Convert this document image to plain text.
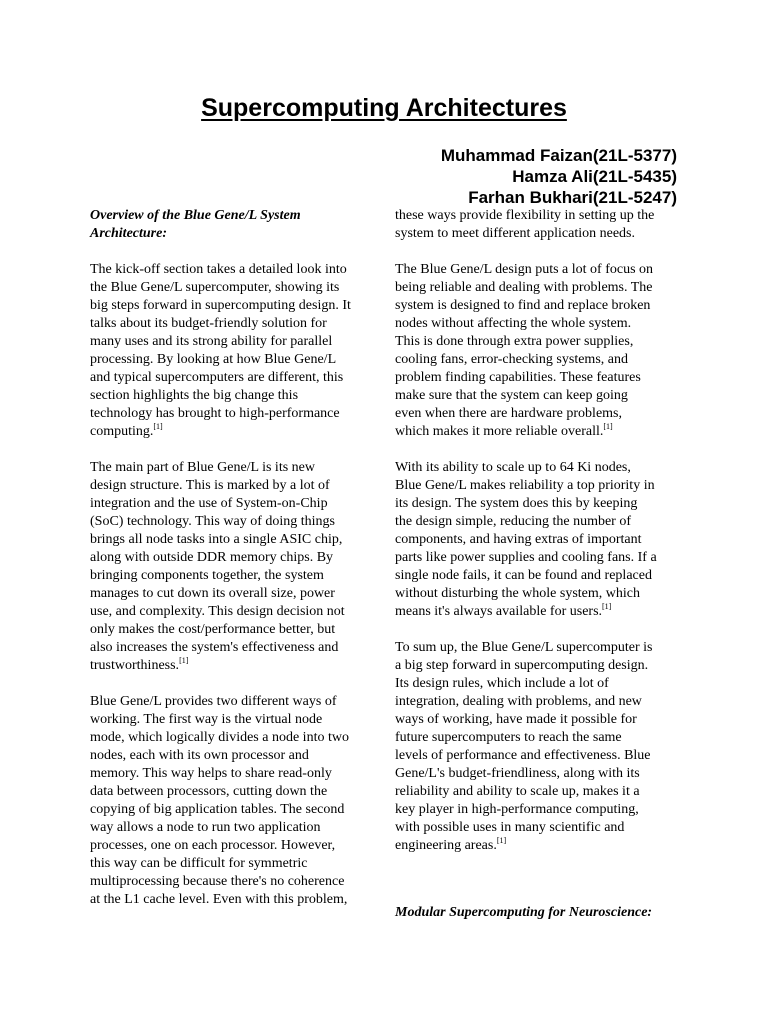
Supercomputing Architectures
Muhammad Faizan(21L-5377)
Hamza Ali(21L-5435)
Farhan Bukhari(21L-5247)
Overview of the Blue Gene/L System
Architecture:
The kick-off section takes a detailed look into
the Blue Gene/L supercomputer, showing its
big steps forward in supercomputing design. It
talks about its budget-friendly solution for
many uses and its strong ability for parallel
processing. By looking at how Blue Gene/L
and typical supercomputers are different, this
section highlights the big change this
technology has brought to high-performance
computing.[1]
The main part of Blue Gene/L is its new
design structure. This is marked by a lot of
integration and the use of System-on-Chip
(SoC) technology. This way of doing things
brings all node tasks into a single ASIC chip,
along with outside DDR memory chips. By
bringing components together, the system
manages to cut down its overall size, power
use, and complexity. This design decision not
only makes the cost/performance better, but
also increases the system's effectiveness and
trustworthiness.[1]
Blue Gene/L provides two different ways of
working. The first way is the virtual node
mode, which logically divides a node into two
nodes, each with its own processor and
memory. This way helps to share read-only
data between processors, cutting down the
copying of big application tables. The second
way allows a node to run two application
processes, one on each processor. However,
this way can be difficult for symmetric
multiprocessing because there's no coherence
at the L1 cache level. Even with this problem,
these ways provide flexibility in setting up the
system to meet different application needs.
The Blue Gene/L design puts a lot of focus on
being reliable and dealing with problems. The
system is designed to find and replace broken
nodes without affecting the whole system.
This is done through extra power supplies,
cooling fans, error-checking systems, and
problem finding capabilities. These features
make sure that the system can keep going
even when there are hardware problems,
which makes it more reliable overall.[1]
With its ability to scale up to 64 Ki nodes,
Blue Gene/L makes reliability a top priority in
its design. The system does this by keeping
the design simple, reducing the number of
components, and having extras of important
parts like power supplies and cooling fans. If a
single node fails, it can be found and replaced
without disturbing the whole system, which
means it's always available for users.[1]
To sum up, the Blue Gene/L supercomputer is
a big step forward in supercomputing design.
Its design rules, which include a lot of
integration, dealing with problems, and new
ways of working, have made it possible for
future supercomputers to reach the same
levels of performance and effectiveness. Blue
Gene/L's budget-friendliness, along with its
reliability and ability to scale up, makes it a
key player in high-performance computing,
with possible uses in many scientific and
engineering areas.[1]
Modular Supercomputing for Neuroscience:
